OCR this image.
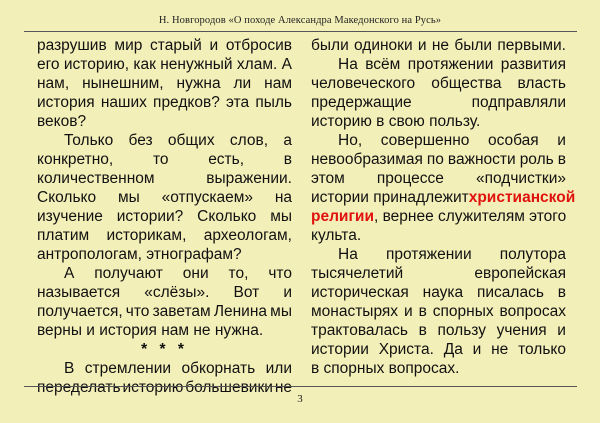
Н. Новгородов «О походе Александра Македонского на Русь»
разрушив мир старый и отбросив
его историю, как ненужный хлам. А
нам, нынешним, нужна ли нам
история наших предков? эта пыль
веков?
Только без общих слов, а
конкретно,	то	есть,	в
количественном	выражении.
Сколько мы «отпускаем» на
изучение истории? Сколько мы
платим историкам, археологам,
антропологам, этнографам?
А получают они то, что
называется «слёзы». Вот и
получается, что заветам Ленина мы
верны и история нам не нужна.
* * *
В стремлении обкорнать или
переделать историю большевики не
были одиноки и не были первыми.
На всём протяжении развития
человеческого общества власть
предержащие	подправляли
историю в свою пользу.
Но, совершенно особая и
невообразимая по важности роль в
этом процессе «подчистки»
истории принадлежит христианской
религии, вернее служителям этого
культа.
На протяжении полутора
тысячелетий	европейская
историческая наука писалась в
монастырях и в спорных вопросах
трактовалась в пользу учения и
истории Христа. Да и не только
в спорных вопросах.
3
